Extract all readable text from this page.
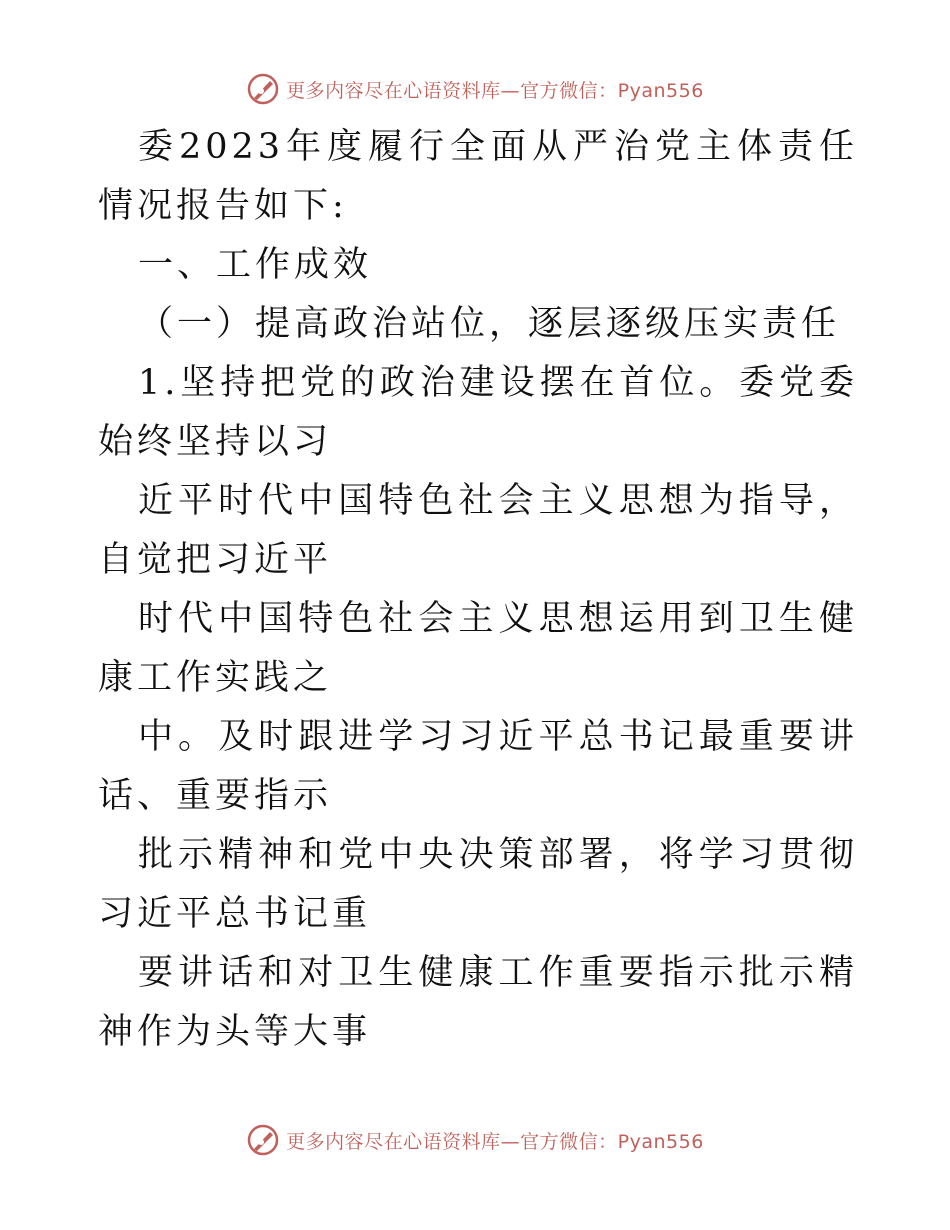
更多内容尽在心语资料库—官方微信：Pyan556

委2023年度履行全面从严治党主体责任情况报告如下:

一、工作成效

（一）提高政治站位，逐层逐级压实责任

1.坚持把党的政治建设摆在首位。委党委始终坚持以习

近平时代中国特色社会主义思想为指导，自觉把习近平

时代中国特色社会主义思想运用到卫生健康工作实践之

中。及时跟进学习习近平总书记最重要讲话、重要指示

批示精神和党中央决策部署，将学习贯彻习近平总书记重

要讲话和对卫生健康工作重要指示批示精神作为头等大事

更多内容尽在心语资料库—官方微信：Pyan556
